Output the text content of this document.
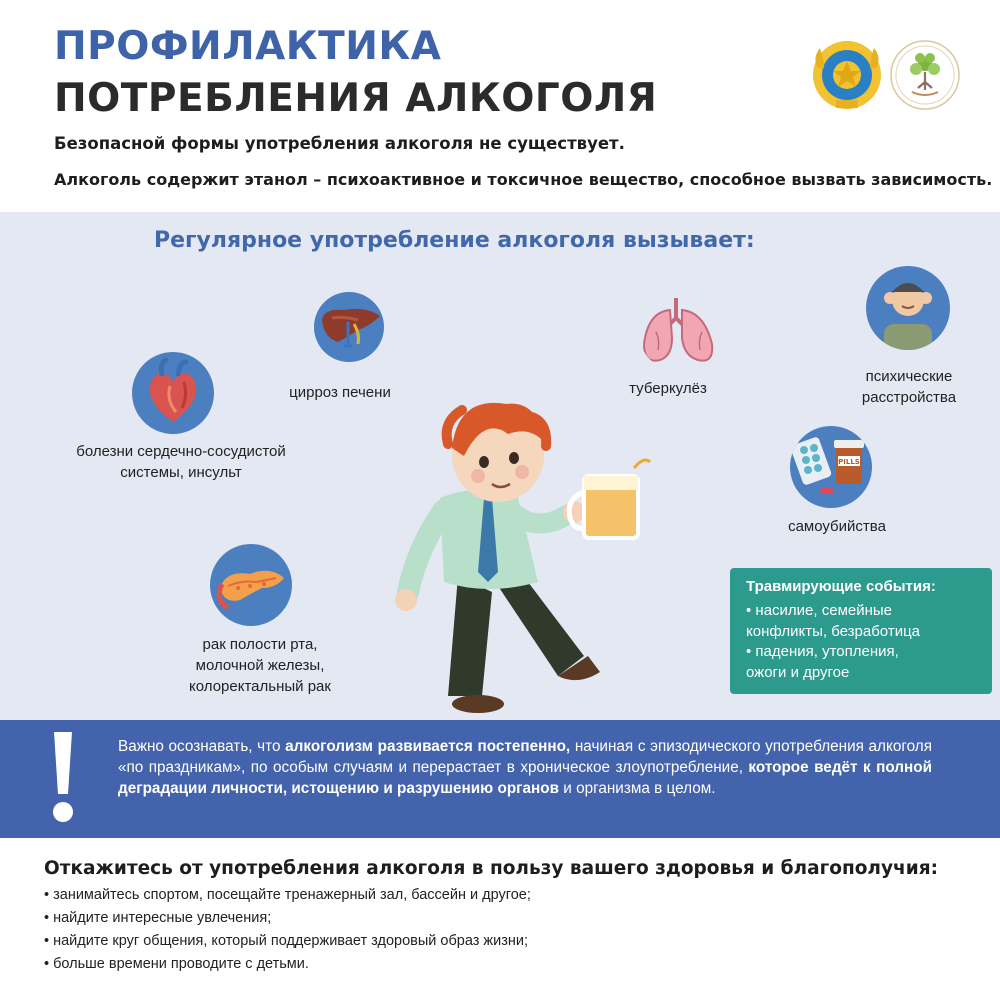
ПРОФИЛАКТИКА
ПОТРЕБЛЕНИЯ АЛКОГОЛЯ
Безопасной формы употребления алкоголя не существует.
Алкоголь содержит этанол – психоактивное и токсичное вещество, способное вызвать зависимость.
Регулярное употребление алкоголя вызывает:
болезни сердечно-сосудистой
системы, инсульт
цирроз печени	туберкулёз
психические
расстройства
PILLS
самоубийства
рак полости рта,
молочной железы,
колоректальный рак
Травмирующие события:
• насилие, семейные
конфликты, безработица
• падения, утопления,
ожоги и другое
Важно осознавать, что алкоголизм развивается постепенно, начиная с эпизодического употребления алкоголя «по праздникам», по особым случаям и перерастает в хроническое злоупотребление, которое ведёт к полной деградации личности, истощению и разрушению органов и организма в целом.
Откажитесь от употребления алкоголя в пользу вашего здоровья и благополучия:
• занимайтесь спортом, посещайте тренажерный зал, бассейн и другое;
• найдите интересные увлечения;
• найдите круг общения, который поддерживает здоровый образ жизни;
• больше времени проводите с детьми.
